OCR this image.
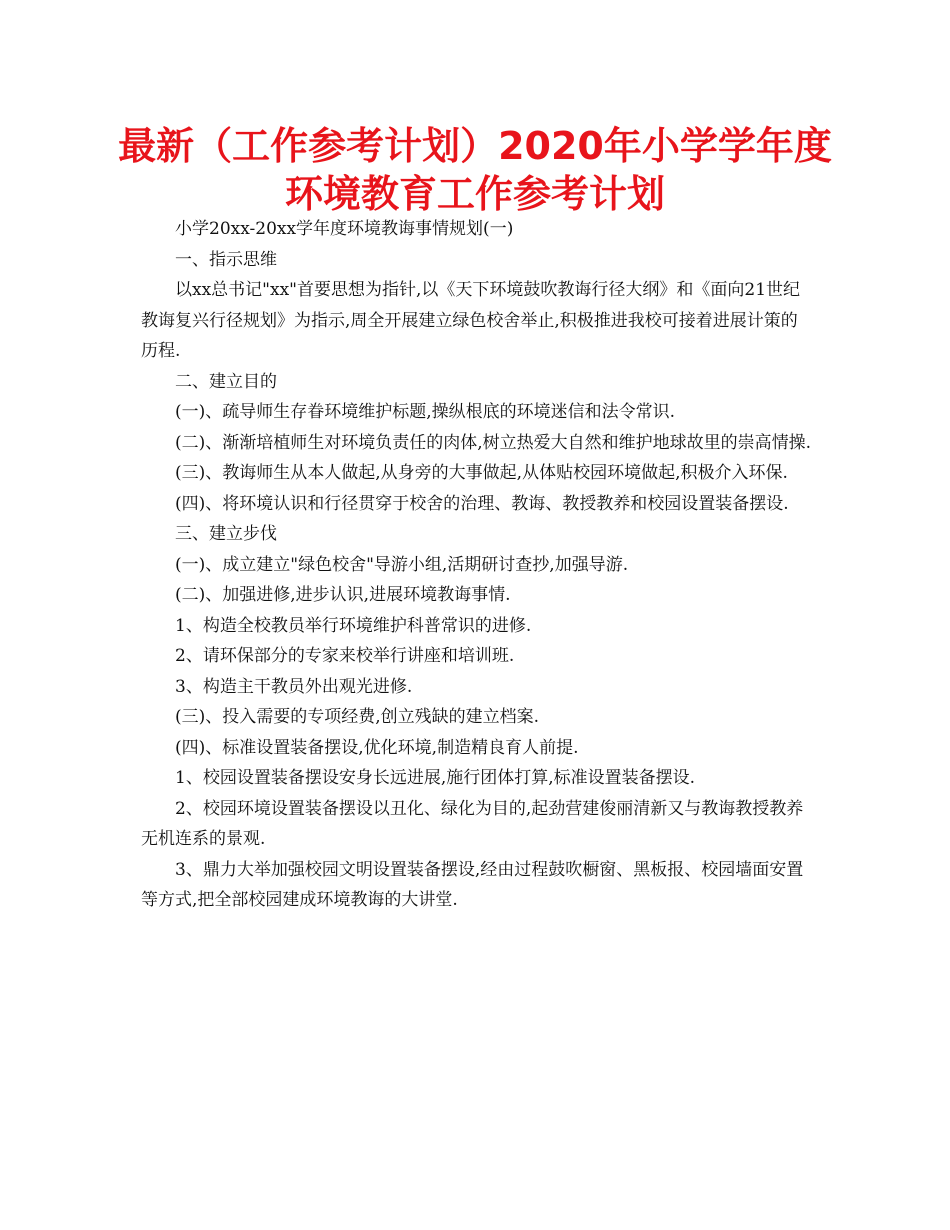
最新（工作参考计划）2020年小学学年度
环境教育工作参考计划

小学20xx-20xx学年度环境教诲事情规划(一)

一、指示思维

以xx总书记"xx"首要思想为指针,以《天下环境鼓吹教诲行径大纲》和《面向21世纪教诲复兴行径规划》为指示,周全开展建立绿色校舍举止,积极推进我校可接着进展计策的历程.

二、建立目的

(一)、疏导师生存眷环境维护标题,操纵根底的环境迷信和法令常识.

(二)、渐渐培植师生对环境负责任的肉体,树立热爱大自然和维护地球故里的崇高情操.

(三)、教诲师生从本人做起,从身旁的大事做起,从体贴校园环境做起,积极介入环保.

(四)、将环境认识和行径贯穿于校舍的治理、教诲、教授教养和校园设置装备摆设.

三、建立步伐

(一)、成立建立"绿色校舍"导游小组,活期研讨查抄,加强导游.

(二)、加强进修,进步认识,进展环境教诲事情.

1、构造全校教员举行环境维护科普常识的进修.

2、请环保部分的专家来校举行讲座和培训班.

3、构造主干教员外出观光进修.

(三)、投入需要的专项经费,创立残缺的建立档案.

(四)、标准设置装备摆设,优化环境,制造精良育人前提.

1、校园设置装备摆设安身长远进展,施行团体打算,标准设置装备摆设.

2、校园环境设置装备摆设以丑化、绿化为目的,起劲营建俊丽清新又与教诲教授教养无机连系的景观.

3、鼎力大举加强校园文明设置装备摆设,经由过程鼓吹橱窗、黑板报、校园墙面安置等方式,把全部校园建成环境教诲的大讲堂.
